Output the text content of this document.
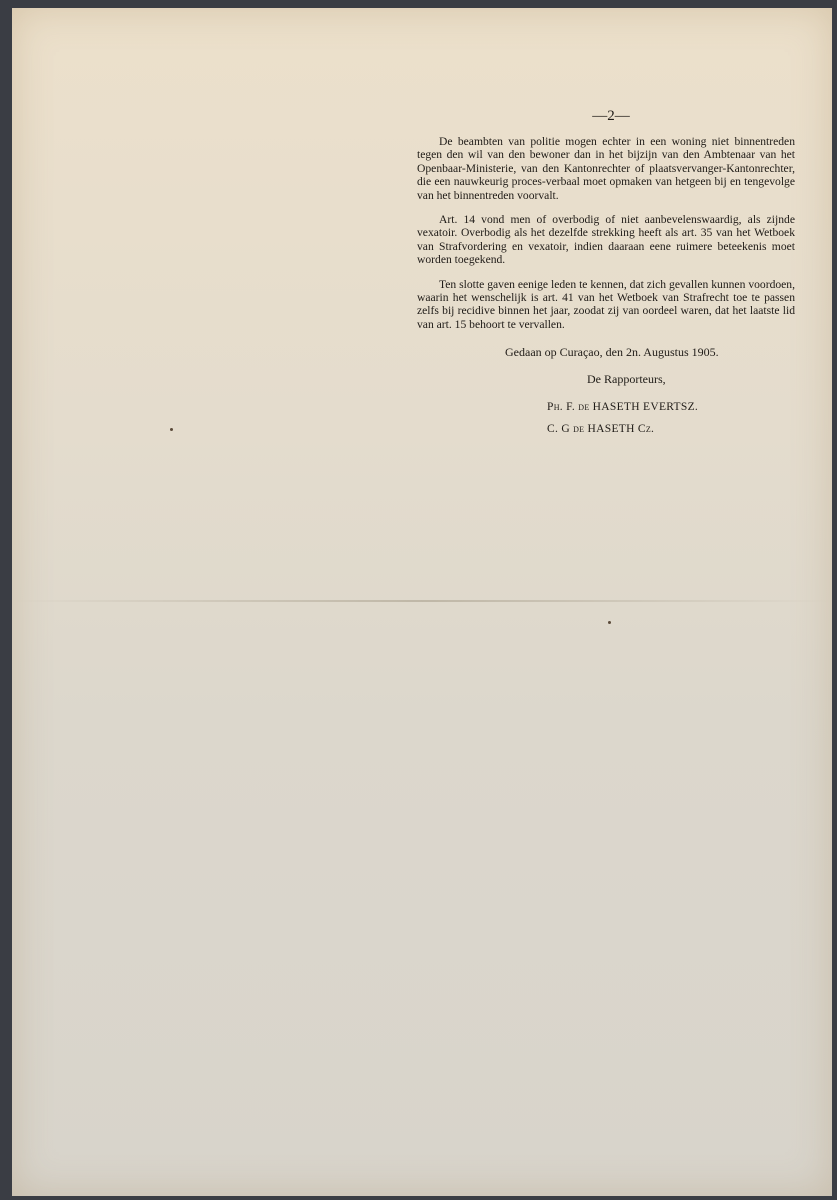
—2—

De beambten van politie mogen echter in een woning niet binnentreden tegen den wil van den bewoner dan in het bijzijn van den Ambtenaar van het Openbaar-Ministerie, van den Kantonrechter of plaatsvervanger-Kantonrechter, die een nauwkeurig proces-verbaal moet opmaken van hetgeen bij en tengevolge van het binnentreden voorvalt.

Art. 14 vond men of overbodig of niet aanbevelenswaardig, als zijnde vexatoir. Overbodig als het dezelfde strekking heeft als art. 35 van het Wetboek van Strafvordering en vexatoir, indien daaraan eene ruimere beteekenis moet worden toegekend.

Ten slotte gaven eenige leden te kennen, dat zich gevallen kunnen voordoen, waarin het wenschelijk is art. 41 van het Wetboek van Strafrecht toe te passen zelfs bij recidive binnen het jaar, zoodat zij van oordeel waren, dat het laatste lid van art. 15 behoort te vervallen.

Gedaan op Curaçao, den 2n. Augustus 1905.
De Rapporteurs,
Ph. F. de HASETH EVERTSZ.
C. G de HASETH Cz.
